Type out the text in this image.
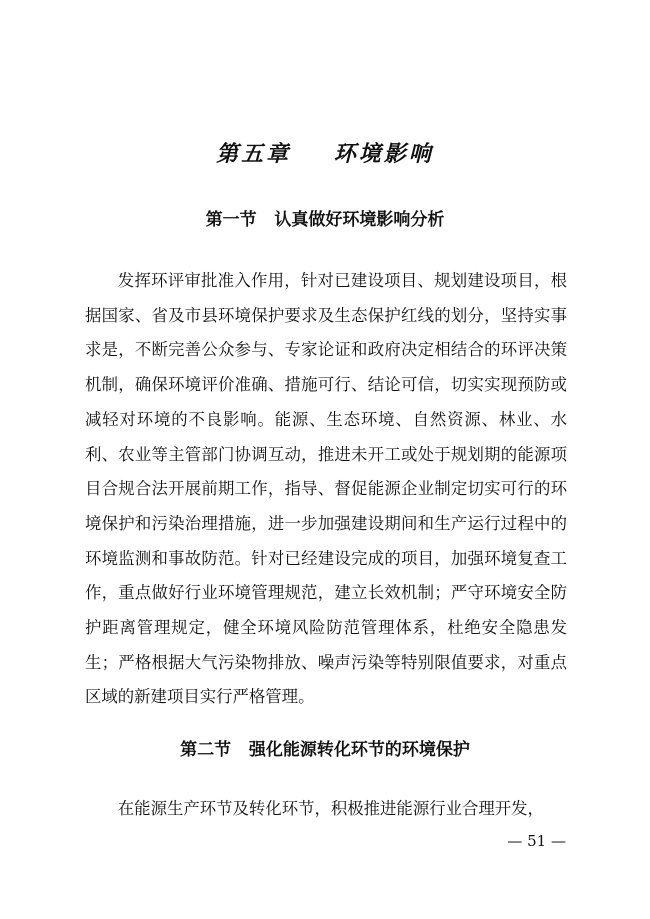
第五章    环境影响
第一节   认真做好环境影响分析

发挥环评审批准入作用，针对已建设项目、规划建设项目，根据国家、省及市县环境保护要求及生态保护红线的划分，坚持实事求是，不断完善公众参与、专家论证和政府决定相结合的环评决策机制，确保环境评价准确、措施可行、结论可信，切实实现预防或减轻对环境的不良影响。能源、生态环境、自然资源、林业、水利、农业等主管部门协调互动，推进未开工或处于规划期的能源项目合规合法开展前期工作，指导、督促能源企业制定切实可行的环境保护和污染治理措施，进一步加强建设期间和生产运行过程中的环境监测和事故防范。针对已经建设完成的项目，加强环境复查工作，重点做好行业环境管理规范，建立长效机制；严守环境安全防护距离管理规定，健全环境风险防范管理体系，杜绝安全隐患发生；严格根据大气污染物排放、噪声污染等特别限值要求，对重点区域的新建项目实行严格管理。

第二节   强化能源转化环节的环境保护

在能源生产环节及转化环节，积极推进能源行业合理开发，

— 51 —
